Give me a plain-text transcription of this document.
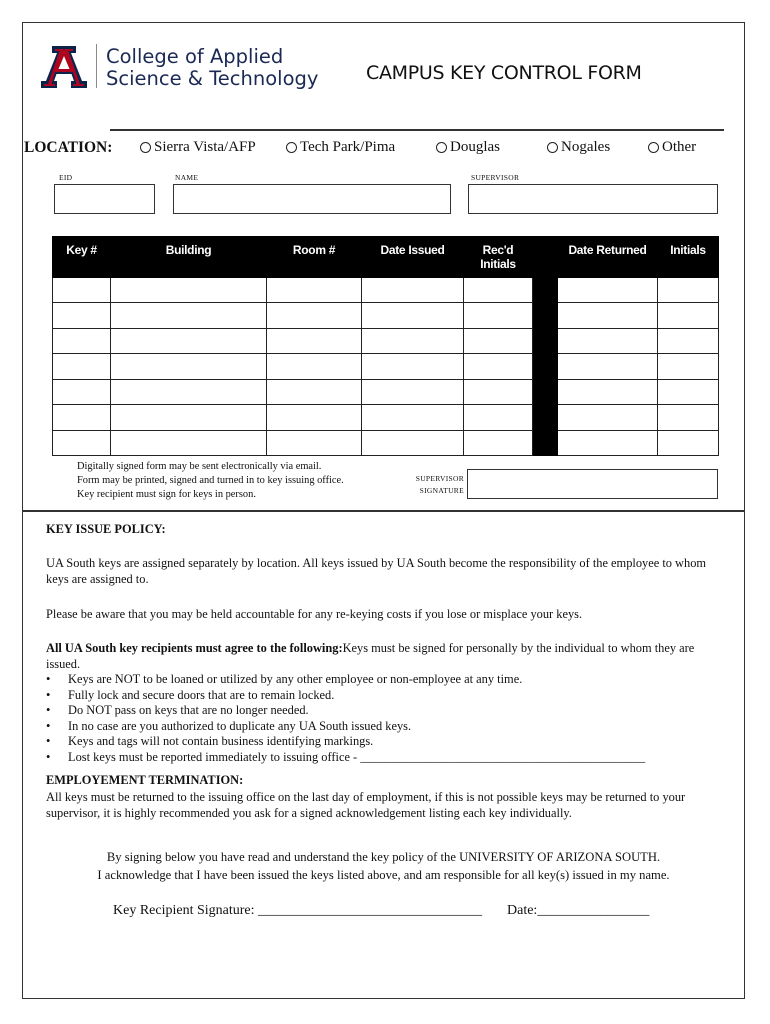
College of Applied
Science & Technology	CAMPUS KEY CONTROL FORM
LOCATION:	Sierra Vista/AFP	Tech Park/Pima	Douglas	Nogales	Other
EID	NAME	SUPERVISOR
Key #	Building	Room #	Date Issued	Rec'd Initials		Date Returned	Initials

Digitally signed form may be sent electronically via email.
Form may be printed, signed and turned in to key issuing office.
Key recipient must sign for keys in person.
SUPERVISOR
SIGNATURE
KEY ISSUE POLICY:
UA South keys are assigned separately by location. All keys issued by UA South become the responsibility of the employee to whom keys are assigned to.
Please be aware that you may be held accountable for any re-keying costs if you lose or misplace your keys.
All UA South key recipients must agree to the following:Keys must be signed for personally by the individual to whom they are issued.
• Keys are NOT to be loaned or utilized by any other employee or non-employee at any time.
• Fully lock and secure doors that are to remain locked.
• Do NOT pass on keys that are no longer needed.
• In no case are you authorized to duplicate any UA South issued keys.
• Keys and tags will not contain business identifying markings.
• Lost keys must be reported immediately to issuing office - ______________________________________________
EMPLOYEMENT TERMINATION:
All keys must be returned to the issuing office on the last day of employment, if this is not possible keys may be returned to your supervisor, it is highly recommended you ask for a signed acknowledgement listing each key individually.
By signing below you have read and understand the key policy of the UNIVERSITY OF ARIZONA SOUTH.
I acknowledge that I have been issued the keys listed above, and am responsible for all key(s) issued in my name.
Key Recipient Signature: ________________________________ Date:________________
